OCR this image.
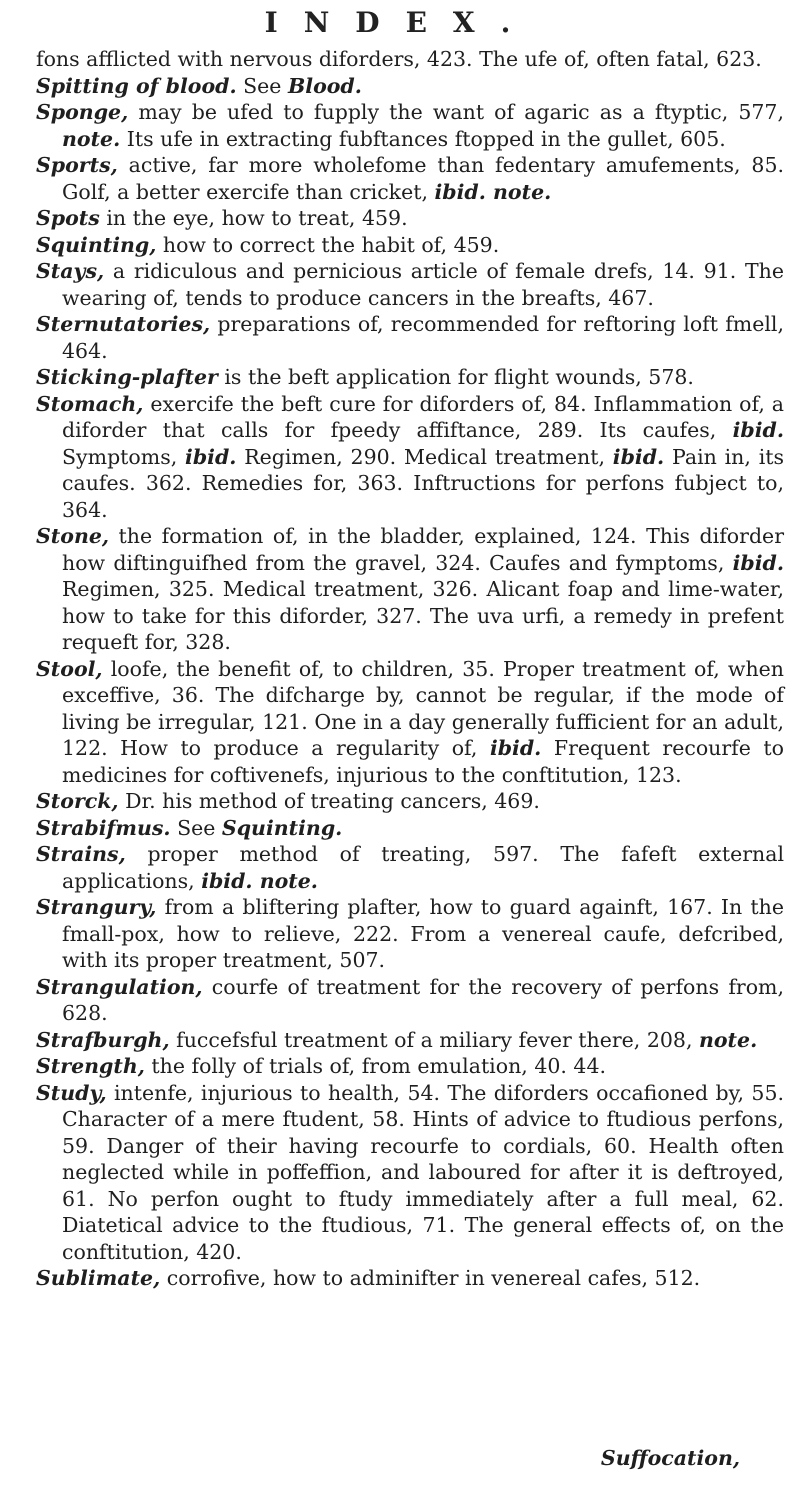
INDEX.
fons afflicted with nervous diforders, 423. The ufe of, often fatal, 623.
Spitting of blood. See Blood.
Sponge, may be ufed to fupply the want of agaric as a ftyptic, 577, note. Its ufe in extracting fubftances ftopped in the gullet, 605.
Sports, active, far more wholefome than fedentary amufements, 85. Golf, a better exercife than cricket, ibid. note.
Spots in the eye, how to treat, 459.
Squinting, how to correct the habit of, 459.
Stays, a ridiculous and pernicious article of female drefs, 14. 91. The wearing of, tends to produce cancers in the breafts, 467.
Sternutatories, preparations of, recommended for reftoring loft fmell, 464.
Sticking-plafter is the beft application for flight wounds, 578.
Stomach, exercife the beft cure for diforders of, 84. Inflammation of, a diforder that calls for fpeedy affiftance, 289. Its caufes, ibid. Symptoms, ibid. Regimen, 290. Medical treatment, ibid. Pain in, its caufes. 362. Remedies for, 363. Inftructions for perfons fubject to, 364.
Stone, the formation of, in the bladder, explained, 124. This diforder how diftinguifhed from the gravel, 324. Caufes and fymptoms, ibid. Regimen, 325. Medical treatment, 326. Alicant foap and lime-water, how to take for this diforder, 327. The uva urfi, a remedy in prefent requeft for, 328.
Stool, loofe, the benefit of, to children, 35. Proper treatment of, when exceffive, 36. The difcharge by, cannot be regular, if the mode of living be irregular, 121. One in a day generally fufficient for an adult, 122. How to produce a regularity of, ibid. Frequent recourfe to medicines for coftivenefs, injurious to the conftitution, 123.
Storck, Dr. his method of treating cancers, 469.
Strabifmus. See Squinting.
Strains, proper method of treating, 597. The fafeft external applications, ibid. note.
Strangury, from a bliftering plafter, how to guard againft, 167. In the fmall-pox, how to relieve, 222. From a venereal caufe, defcribed, with its proper treatment, 507.
Strangulation, courfe of treatment for the recovery of perfons from, 628.
Strafburgh, fuccefsful treatment of a miliary fever there, 208, note.
Strength, the folly of trials of, from emulation, 40. 44.
Study, intenfe, injurious to health, 54. The diforders occafioned by, 55. Character of a mere ftudent, 58. Hints of advice to ftudious perfons, 59. Danger of their having recourfe to cordials, 60. Health often neglected while in poffeffion, and laboured for after it is deftroyed, 61. No perfon ought to ftudy immediately after a full meal, 62. Diatetical advice to the ftudious, 71. The general effects of, on the conftitution, 420.
Sublimate, corrofive, how to adminifter in venereal cafes, 512.
Suffocation,
